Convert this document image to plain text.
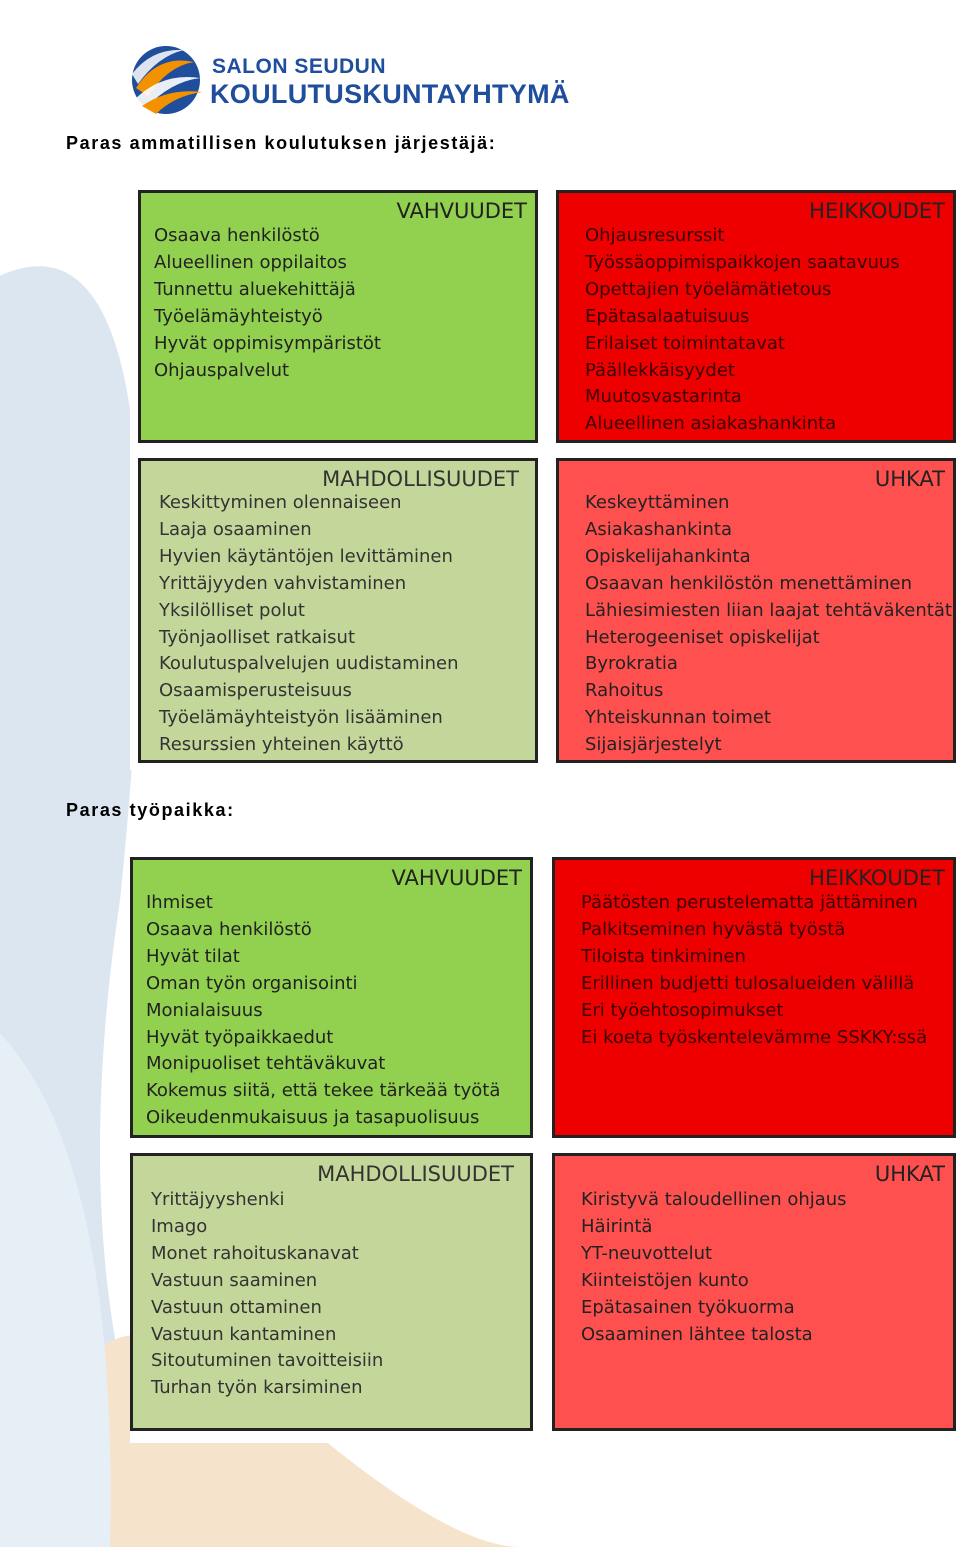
SALON SEUDUN
KOULUTUSKUNTAYHTYMÄ
Paras ammatillisen koulutuksen järjestäjä:
VAHVUUDET
Osaava henkilöstö
Alueellinen oppilaitos
Tunnettu aluekehittäjä
Työelämäyhteistyö
Hyvät oppimisympäristöt
Ohjauspalvelut
HEIKKOUDET
Ohjausresurssit
Työssäoppimispaikkojen saatavuus
Opettajien työelämätietous
Epätasalaatuisuus
Erilaiset toimintatavat
Päällekkäisyydet
Muutosvastarinta
Alueellinen asiakashankinta
MAHDOLLISUUDET
Keskittyminen olennaiseen
Laaja osaaminen
Hyvien käytäntöjen levittäminen
Yrittäjyyden vahvistaminen
Yksilölliset polut
Työnjaolliset ratkaisut
Koulutuspalvelujen uudistaminen
Osaamisperusteisuus
Työelämäyhteistyön lisääminen
Resurssien yhteinen käyttö
UHKAT
Keskeyttäminen
Asiakashankinta
Opiskelijahankinta
Osaavan henkilöstön menettäminen
Lähiesimiesten liian laajat tehtäväkentät
Heterogeeniset opiskelijat
Byrokratia
Rahoitus
Yhteiskunnan toimet
Sijaisjärjestelyt
Paras työpaikka:
VAHVUUDET
Ihmiset
Osaava henkilöstö
Hyvät tilat
Oman työn organisointi
Monialaisuus
Hyvät työpaikkaedut
Monipuoliset tehtäväkuvat
Kokemus siitä, että tekee tärkeää työtä
Oikeudenmukaisuus ja tasapuolisuus
HEIKKOUDET
Päätösten perustelematta jättäminen
Palkitseminen hyvästä työstä
Tiloista tinkiminen
Erillinen budjetti tulosalueiden välillä
Eri työehtosopimukset
Ei koeta työskentelevämme SSKKY:ssä
MAHDOLLISUUDET
Yrittäjyyshenki
Imago
Monet rahoituskanavat
Vastuun saaminen
Vastuun ottaminen
Vastuun kantaminen
Sitoutuminen tavoitteisiin
Turhan työn karsiminen
UHKAT
Kiristyvä taloudellinen ohjaus
Häirintä
YT-neuvottelut
Kiinteistöjen kunto
Epätasainen työkuorma
Osaaminen lähtee talosta
